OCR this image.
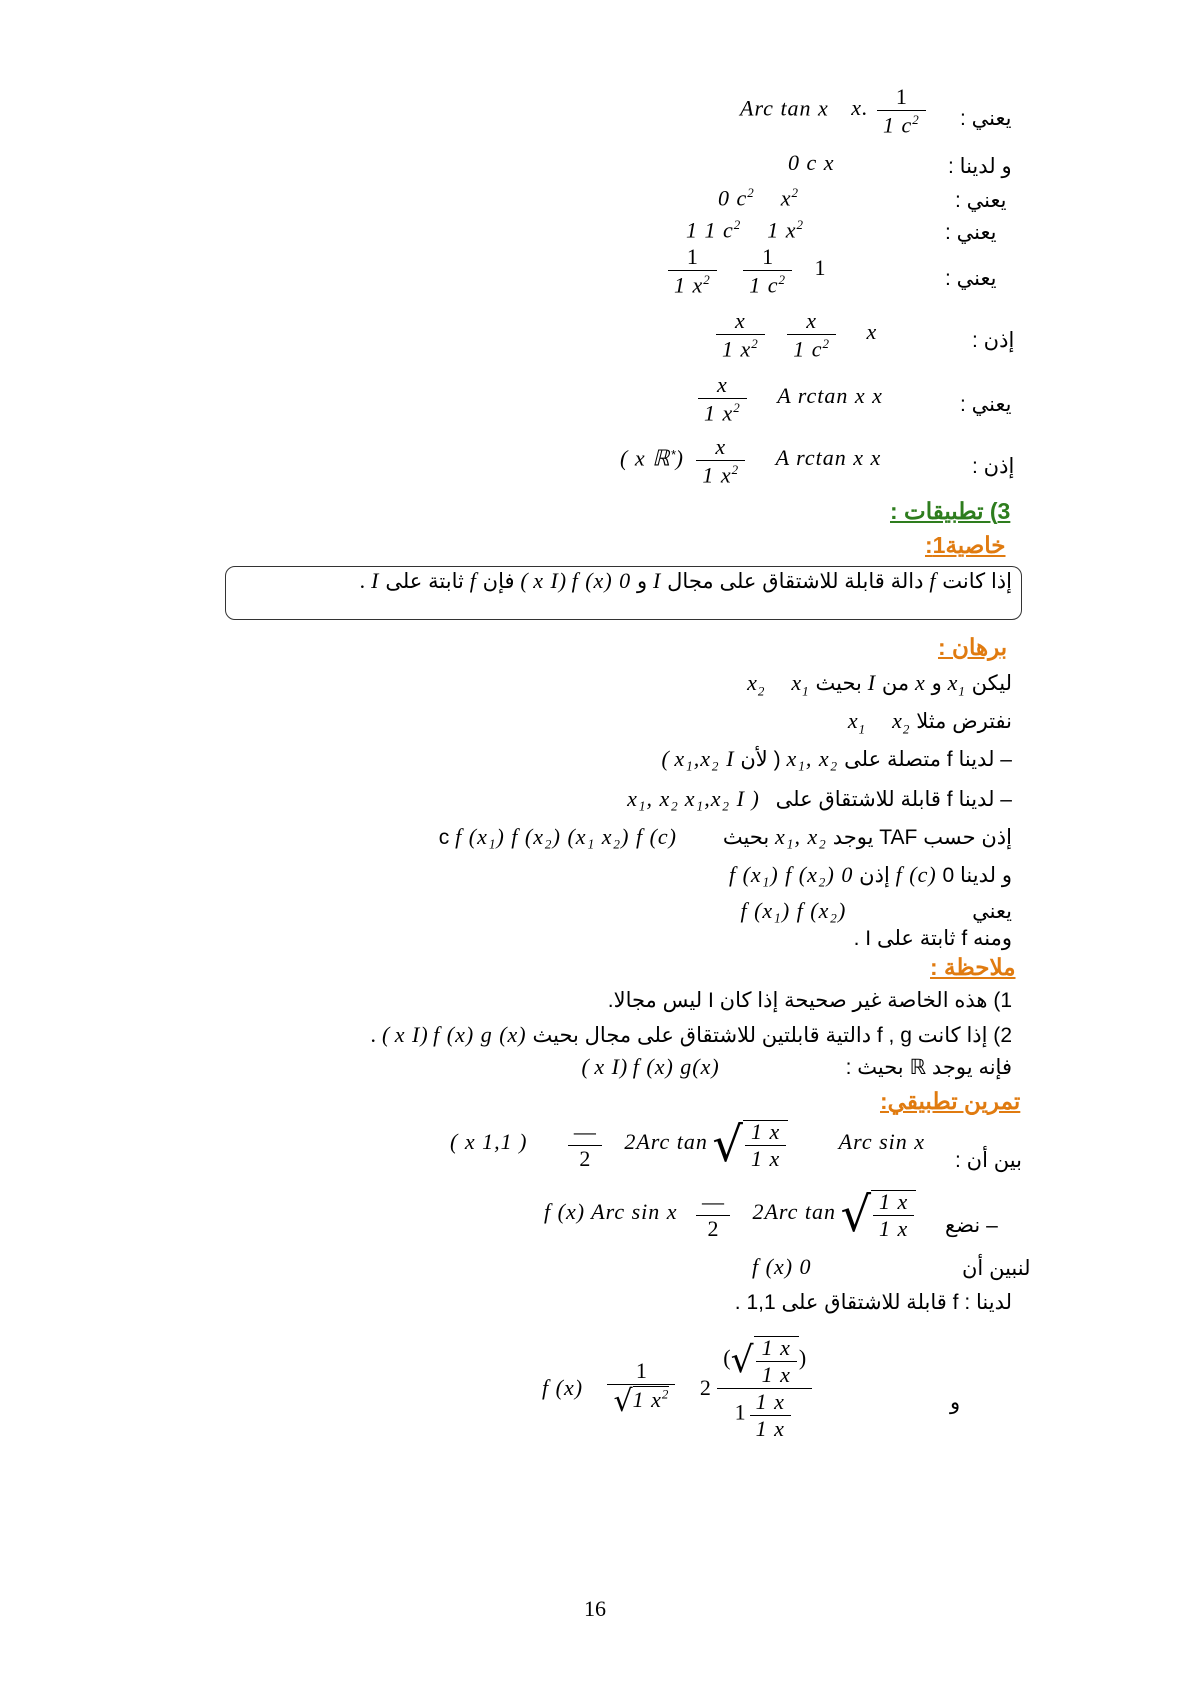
يعني :
Arc tan x x. $\frac{1}{1 c^2}$
و لدينا :
0 c x
يعني :
0 $c^2$ $x^2$
يعني :
1 1 $c^2$ 1 $x^2$
يعني :
$\frac{1}{1 x^2}$
$\frac{1}{1 c^2} 1$
إذن :
$\frac{x}{1 x^2}$
$\frac{x}{1 c^2}$ x
يعني :
$\frac{x}{1 x^2}$ A rctan x x
إذن :
( x ℝ*) $\frac{x}{1 x^2}$ A rctan x x
3) تطبيقات :
خاصية1:
إذا كانت f دالة قابلة للاشتقاق على مجال I و ( x I) f (x) 0 فإن f ثابتة على . I
برهان :
ليكن $x_1$ و x من I بحيث $x_2$    $x_1$
نفترض مثلا $x_1$    $x_2$
– لدينا f متصلة على x₁, x₂ ( لأن ( x₁,x₂ I
– لدينا f قابلة للاشتقاق على x₁, x₂ x₁,x₂ I )
إذن حسب TAF يوجد x₁, x₂ بحيث c f (x₁) f (x₂) (x₁ x₂) f (c)
و لدينا 0 f (c) إذن f (x₁) f (x₂) 0
يعني f (x₁) f (x₂)
ومنه f ثابتة على I .
ملاحظة :
1) هذه الخاصة غير صحيحة إذا كان I ليس مجالا.
2) إذا كانت f , g دالتية قابلتين للاشتقاق على مجال بحيث . ( x I) f (x) g (x)
فإنه يوجد ℝ بحيث : ( x I) f (x) g(x)
تمرين تطبيقي:
بين أن :
( x 1,1 ) $\frac{—}{2} 2Arc$ tan √ $\frac{1 x}{1 x}$ Arc sin x
– نضع
f (x) Arc sin x $\frac{—}{2} 2Arc$ tan √ $\frac{1 x}{1 x}$
لنبين أن
f (x) 0
لدينا : f قابلة للاشتقاق على 1,1 .
و
f $(x) \frac{1}{√1 x^2} 2 \frac{(√ \frac{1 x}{1 x} )}{1 \frac{1 x}{1 x}}$
16
